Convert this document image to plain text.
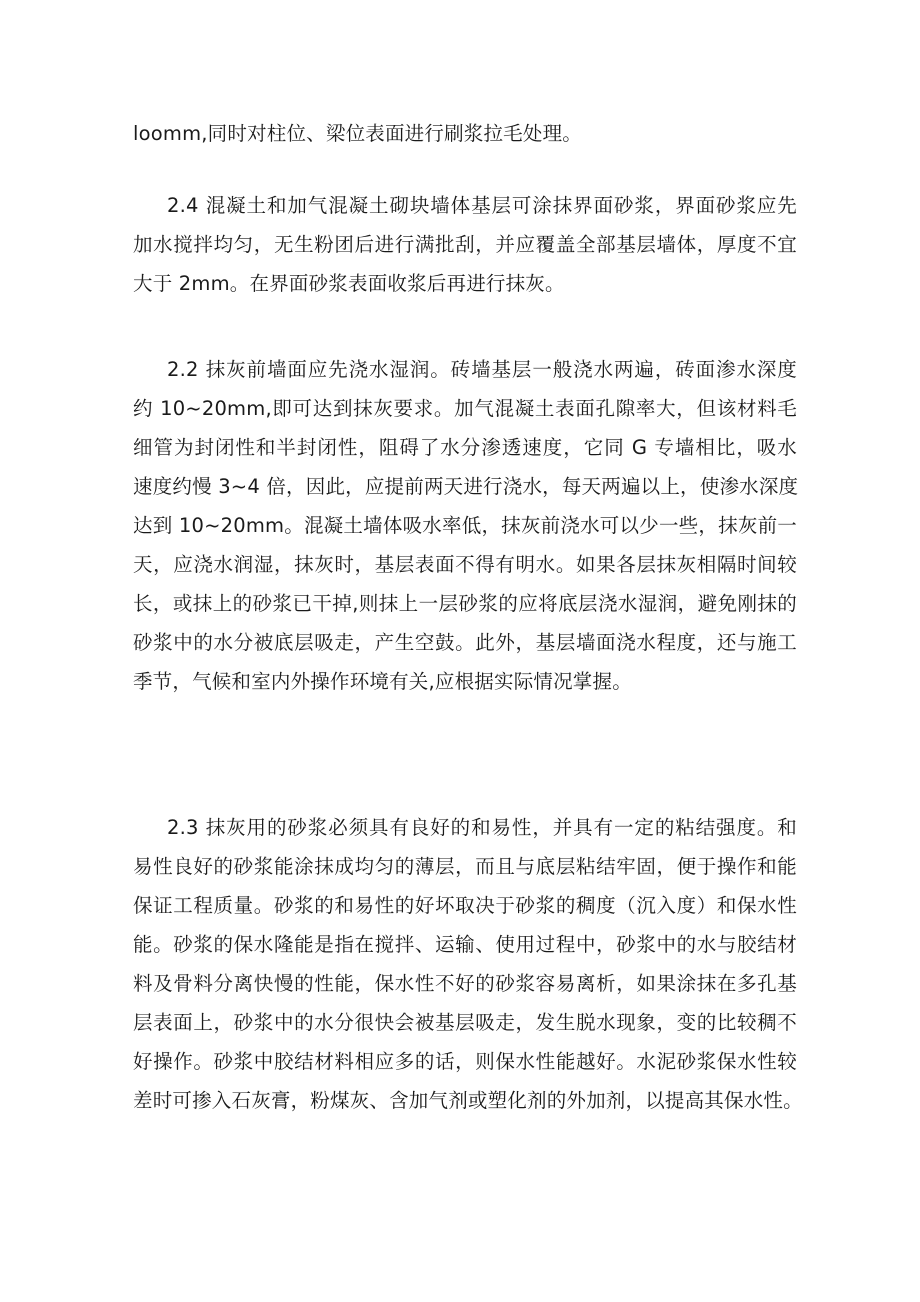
loomm,同时对柱位、梁位表面进行刷浆拉毛处理。
2.4 混凝土和加气混凝土砌块墙体基层可涂抹界面砂浆，界面砂浆应先
加水搅拌均匀，无生粉团后进行满批刮，并应覆盖全部基层墙体，厚度不宜
大于 2mm。在界面砂浆表面收浆后再进行抹灰。
2.2 抹灰前墙面应先浇水湿润。砖墙基层一般浇水两遍，砖面渗水深度
约 10~20mm,即可达到抹灰要求。加气混凝土表面孔隙率大，但该材料毛
细管为封闭性和半封闭性，阻碍了水分渗透速度，它同 G 专墙相比，吸水
速度约慢 3~4 倍，因此，应提前两天进行浇水，每天两遍以上，使渗水深度
达到 10~20mm。混凝土墙体吸水率低，抹灰前浇水可以少一些，抹灰前一
天，应浇水润湿，抹灰时，基层表面不得有明水。如果各层抹灰相隔时间较
长，或抹上的砂浆已干掉,则抹上一层砂浆的应将底层浇水湿润，避免刚抹的
砂浆中的水分被底层吸走，产生空鼓。此外，基层墙面浇水程度，还与施工
季节，气候和室内外操作环境有关,应根据实际情况掌握。
2.3 抹灰用的砂浆必须具有良好的和易性，并具有一定的粘结强度。和
易性良好的砂浆能涂抹成均匀的薄层，而且与底层粘结牢固，便于操作和能
保证工程质量。砂浆的和易性的好坏取决于砂浆的稠度（沉入度）和保水性
能。砂浆的保水隆能是指在搅拌、运输、使用过程中，砂浆中的水与胶结材
料及骨料分离快慢的性能，保水性不好的砂浆容易离析，如果涂抹在多孔基
层表面上，砂浆中的水分很快会被基层吸走，发生脱水现象，变的比较稠不
好操作。砂浆中胶结材料相应多的话，则保水性能越好。水泥砂浆保水性较
差时可掺入石灰膏，粉煤灰、含加气剂或塑化剂的外加剂，以提高其保水性。
